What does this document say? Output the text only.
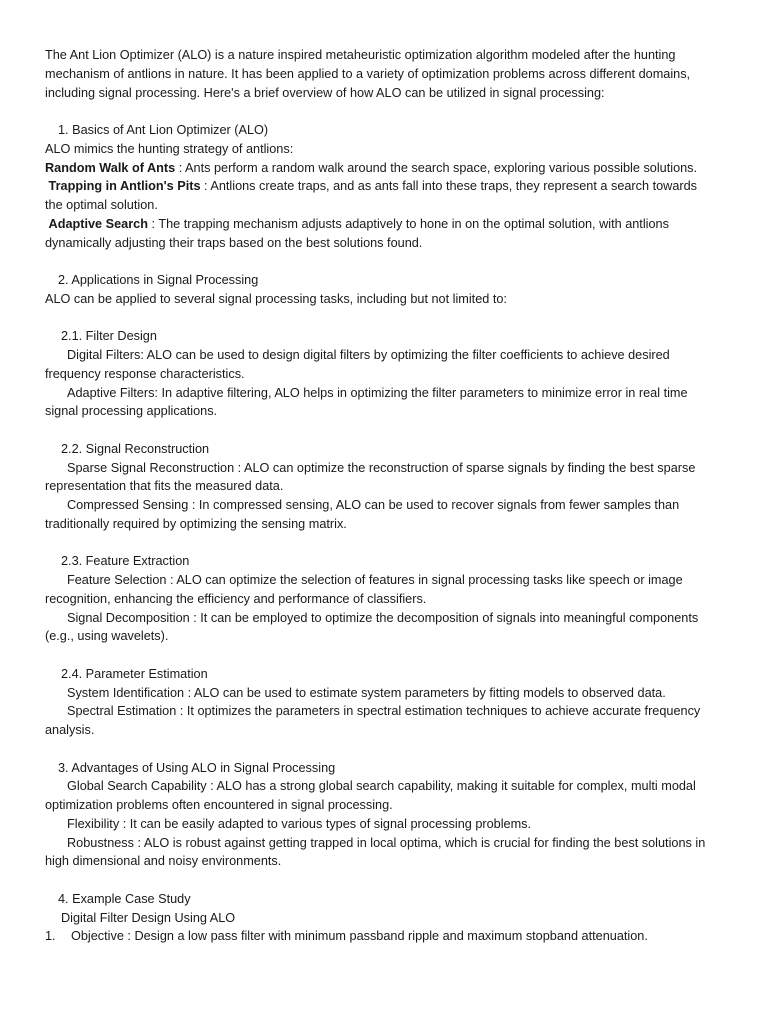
The Ant Lion Optimizer (ALO) is a nature inspired metaheuristic optimization algorithm modeled after the hunting mechanism of antlions in nature. It has been applied to a variety of optimization problems across different domains, including signal processing. Here's a brief overview of how ALO can be utilized in signal processing:

1. Basics of Ant Lion Optimizer (ALO)

ALO mimics the hunting strategy of antlions:

Random Walk of Ants : Ants perform a random walk around the search space, exploring various possible solutions.

Trapping in Antlion's Pits : Antlions create traps, and as ants fall into these traps, they represent a search towards the optimal solution.

Adaptive Search : The trapping mechanism adjusts adaptively to hone in on the optimal solution, with antlions dynamically adjusting their traps based on the best solutions found.

2. Applications in Signal Processing

ALO can be applied to several signal processing tasks, including but not limited to:

2.1. Filter Design

Digital Filters: ALO can be used to design digital filters by optimizing the filter coefficients to achieve desired frequency response characteristics.

Adaptive Filters: In adaptive filtering, ALO helps in optimizing the filter parameters to minimize error in real time signal processing applications.

2.2. Signal Reconstruction

Sparse Signal Reconstruction : ALO can optimize the reconstruction of sparse signals by finding the best sparse representation that fits the measured data.

Compressed Sensing : In compressed sensing, ALO can be used to recover signals from fewer samples than traditionally required by optimizing the sensing matrix.

2.3. Feature Extraction

Feature Selection : ALO can optimize the selection of features in signal processing tasks like speech or image recognition, enhancing the efficiency and performance of classifiers.

Signal Decomposition : It can be employed to optimize the decomposition of signals into meaningful components (e.g., using wavelets).

2.4. Parameter Estimation

System Identification : ALO can be used to estimate system parameters by fitting models to observed data.

Spectral Estimation : It optimizes the parameters in spectral estimation techniques to achieve accurate frequency analysis.

3. Advantages of Using ALO in Signal Processing

Global Search Capability : ALO has a strong global search capability, making it suitable for complex, multi modal optimization problems often encountered in signal processing.

Flexibility : It can be easily adapted to various types of signal processing problems.

Robustness : ALO is robust against getting trapped in local optima, which is crucial for finding the best solutions in high dimensional and noisy environments.

4. Example Case Study

Digital Filter Design Using ALO

1.	Objective : Design a low pass filter with minimum passband ripple and maximum stopband attenuation.
